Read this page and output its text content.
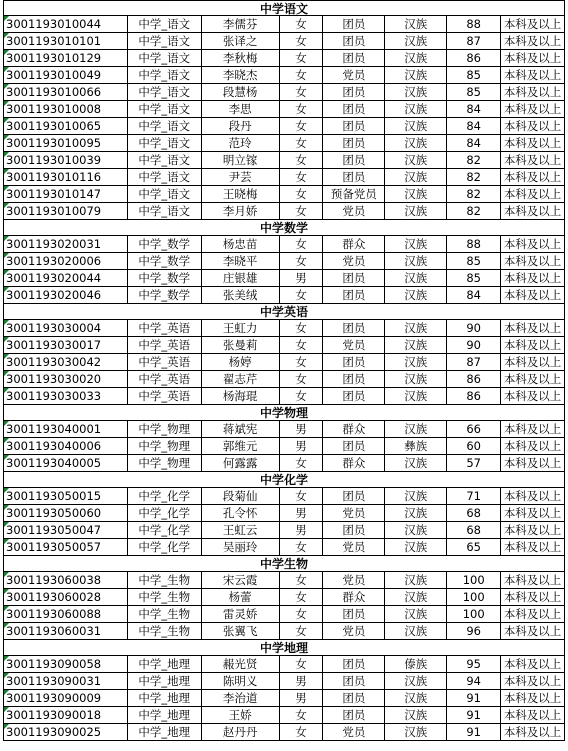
中学语文
3001193010044	中学_语文	李儒芬	女	团员	汉族	88	本科及以上
3001193010101	中学_语文	张译之	女	团员	汉族	87	本科及以上
3001193010129	中学_语文	李秋梅	女	团员	汉族	86	本科及以上
3001193010049	中学_语文	李晓杰	女	党员	汉族	85	本科及以上
3001193010066	中学_语文	段慧杨	女	团员	汉族	85	本科及以上
3001193010008	中学_语文	李思	女	团员	汉族	84	本科及以上
3001193010065	中学_语文	段丹	女	团员	汉族	84	本科及以上
3001193010095	中学_语文	范玲	女	团员	汉族	84	本科及以上
3001193010039	中学_语文	明立镓	女	团员	汉族	82	本科及以上
3001193010116	中学_语文	尹芸	女	团员	汉族	82	本科及以上
3001193010147	中学_语文	王晓梅	女	预备党员	汉族	82	本科及以上
3001193010079	中学_语文	李月娇	女	党员	汉族	82	本科及以上
中学数学
3001193020031	中学_数学	杨忠苗	女	群众	汉族	88	本科及以上
3001193020006	中学_数学	李晓平	女	党员	汉族	85	本科及以上
3001193020044	中学_数学	庄银雄	男	团员	汉族	85	本科及以上
3001193020046	中学_数学	张美绒	女	团员	汉族	84	本科及以上
中学英语
3001193030004	中学_英语	王虹力	女	团员	汉族	90	本科及以上
3001193030017	中学_英语	张曼莉	女	党员	汉族	90	本科及以上
3001193030042	中学_英语	杨婷	女	团员	汉族	87	本科及以上
3001193030020	中学_英语	翟志芹	女	团员	汉族	86	本科及以上
3001193030033	中学_英语	杨海琨	女	团员	汉族	86	本科及以上
中学物理
3001193040001	中学_物理	蒋斌宪	男	群众	汉族	66	本科及以上
3001193040006	中学_物理	郭维元	男	团员	彝族	60	本科及以上
3001193040005	中学_物理	何露露	女	群众	汉族	57	本科及以上
中学化学
3001193050015	中学_化学	段菊仙	女	团员	汉族	71	本科及以上
3001193050060	中学_化学	孔令怀	男	党员	汉族	68	本科及以上
3001193050047	中学_化学	王虹云	男	团员	汉族	68	本科及以上
3001193050057	中学_化学	吴丽玲	女	党员	汉族	65	本科及以上
中学生物
3001193060038	中学_生物	宋云霞	女	党员	汉族	100	本科及以上
3001193060028	中学_生物	杨蕾	女	群众	汉族	100	本科及以上
3001193060088	中学_生物	雷灵娇	女	团员	汉族	100	本科及以上
3001193060031	中学_生物	张翼飞	女	党员	汉族	96	本科及以上
中学地理
3001193090058	中学_地理	赧光贤	女	团员	傣族	95	本科及以上
3001193090031	中学_地理	陈明义	男	团员	汉族	94	本科及以上
3001193090009	中学_地理	李治道	男	团员	汉族	91	本科及以上
3001193090018	中学_地理	王娇	女	团员	汉族	91	本科及以上
3001193090025	中学_地理	赵丹丹	女	党员	汉族	91	本科及以上
